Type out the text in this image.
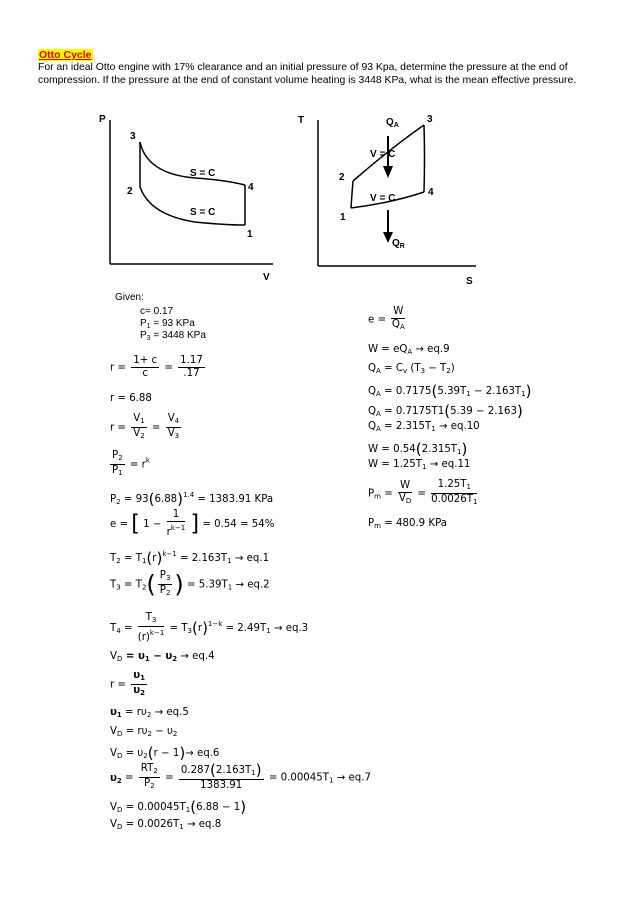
Otto Cycle
For an ideal Otto engine with 17% clearance and an initial pressure of 93 Kpa, determine the pressure at the end of compression. If the pressure at the end of constant volume heating is 3448 KPa, what is the mean effective pressure.
P
V
3
2	4
1
S = C
S = C
T
S
3
2
4
1
V = C
V = C
$Q_A$
$Q_R$
Given:
c= 0.17
$P_1 = 93$ KPa
$P_3 = 3448$ KPa
$r = \frac{1+ c}{c} = \frac{1.17}{.17}$
r = 6.88
$r = \frac{V_1}{V_2} = \frac{V_4}{V_3}$
$\frac{P_2}{P_1} = r^k$
$P_2 = 93(6.88)^{1.4} = 1383.91$ KPa
e = [ $1 - \frac{1}{r^{k-1}}$ ] = 0.54 = 54%
$T_2 = T_1(r)^{k-1} = 2.163T_1 \to eq.1$
$T_3 = T_2( \frac{P_3}{P_2}$ ) = $5.39T_1 \to eq.2$
$T_4 = \frac{T_3}{(r)^{k-1}} = T_3(r)^{1-k} = 2.49T_1 \to eq.3$
$V_D = \upsilon_1 - \upsilon_2 \to eq.4$
$r = \frac{\upsilon_1}{\upsilon_2}$
$\upsilon_1 = r\upsilon_2 \to eq.5$
$V_D = r\upsilon_2 - \upsilon_2$
$V_D = \upsilon_2(r - 1)\to eq.6$
$\upsilon_2 = \frac{RT_2}{P_2} = \frac{0.287(2.163T_1)}{1383.91} = 0.00045T_1 \to eq.7$
$V_D = 0.00045T_1(6.88 - 1)$
$V_D = 0.0026T_1 \to eq.8$
$e = \frac{W}{Q_A}$
$W = eQ_A \to eq.9$
$Q_A = C_v$ $(T_3 - T_2)$
$Q_A = 0.7175(5.39T_1 - 2.163T_1)$
$Q_A = 0.7175T1(5.39 - 2.163)$
$Q_A = 2.315T_1 \to eq.10$
$W = 0.54(2.315T_1)$
$W = 1.25T_1 \to eq.11$
$P_m = \frac{W}{V_D} = \frac{1.25T_1}{0.0026T_1}$
$P_m = 480.9$ KPa
